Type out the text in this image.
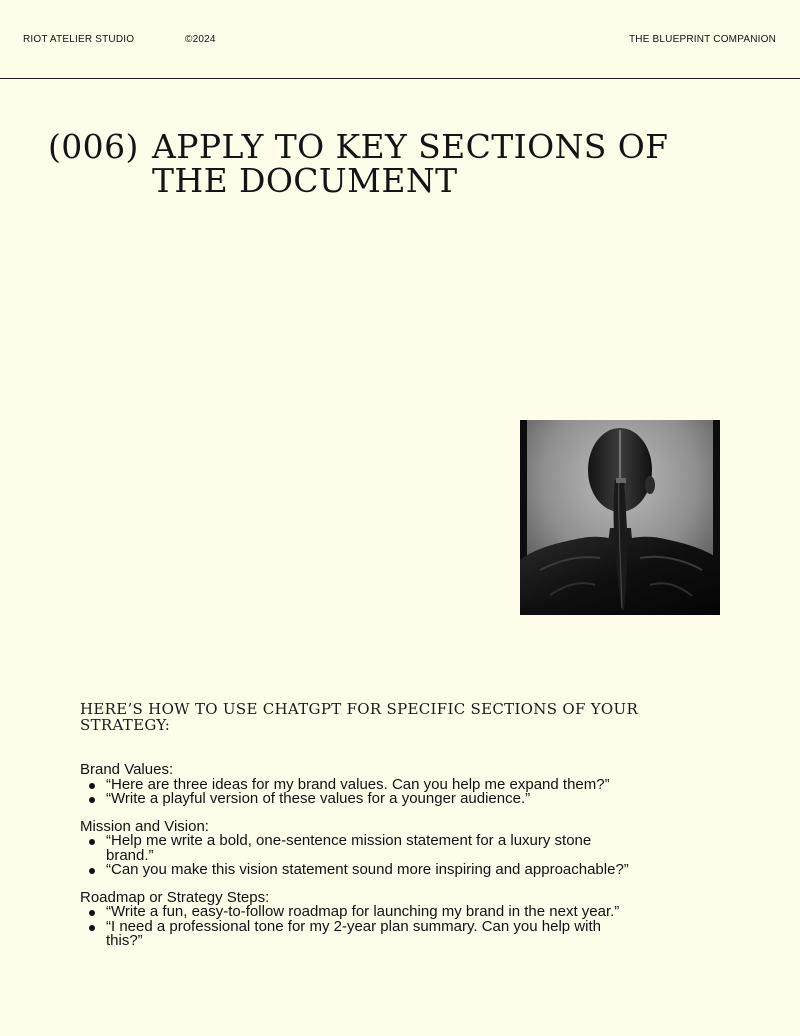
RIOT ATELIER STUDIO	©2024	THE BLUEPRINT COMPANION
(006) APPLY TO KEY SECTIONS OF THE DOCUMENT
HERE’S HOW TO USE CHATGPT FOR SPECIFIC SECTIONS OF YOUR STRATEGY:
Brand Values:
“Here are three ideas for my brand values. Can you help me expand them?”
“Write a playful version of these values for a younger audience.”
Mission and Vision:
“Help me write a bold, one-sentence mission statement for a luxury stone brand.”
“Can you make this vision statement sound more inspiring and approachable?”
Roadmap or Strategy Steps:
“Write a fun, easy-to-follow roadmap for launching my brand in the next year.”
“I need a professional tone for my 2-year plan summary. Can you help with this?”
